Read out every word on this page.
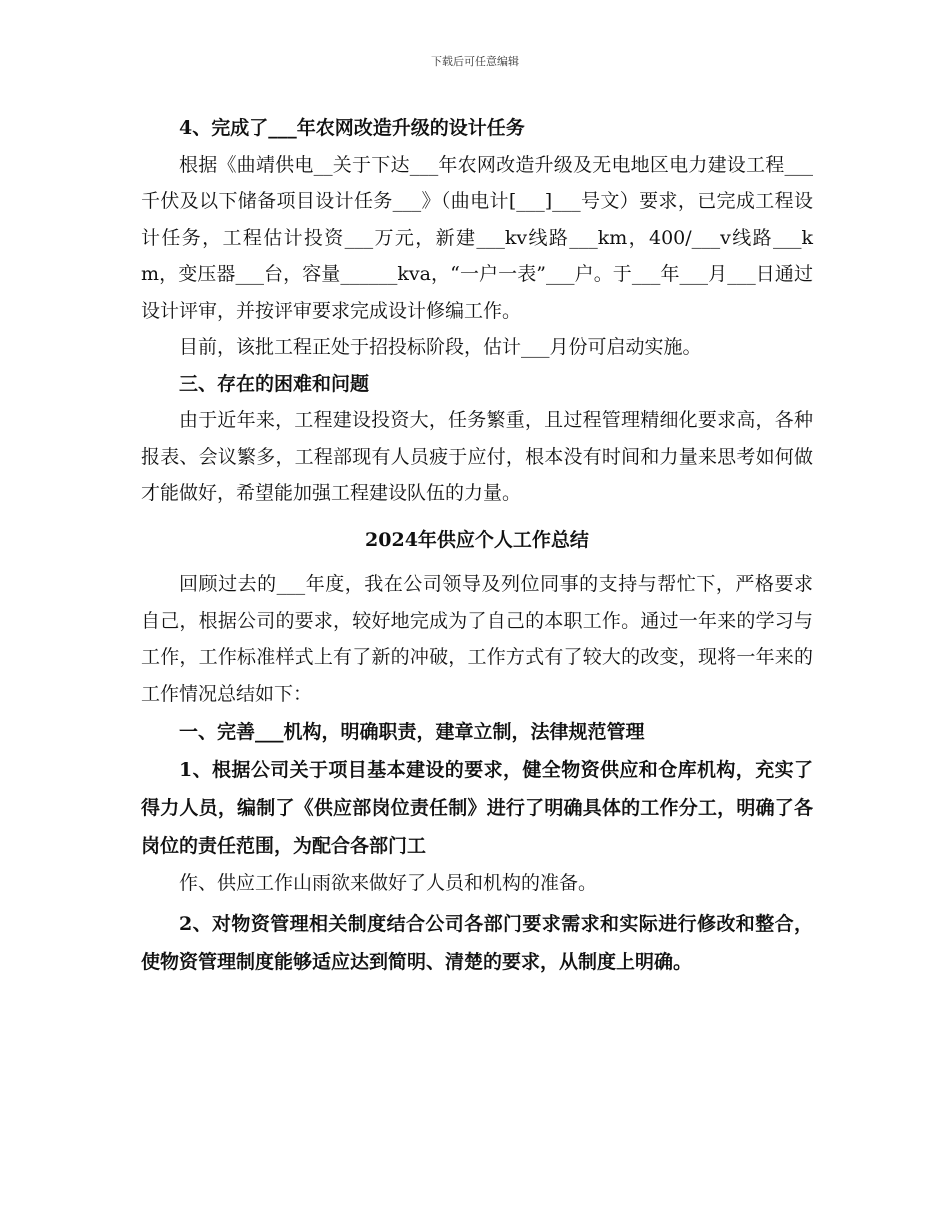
下载后可任意编辑

4、完成了___年农网改造升级的设计任务

根据《曲靖供电__关于下达___年农网改造升级及无电地区电力建设工程___千伏及以下储备项目设计任务___》（曲电计[___]___号文）要求，已完成工程设计任务，工程估计投资___万元，新建___kv线路___km，400/___v线路___km，变压器___台，容量______kva，“一户一表”___户。于___年___月___日通过设计评审，并按评审要求完成设计修编工作。

目前，该批工程正处于招投标阶段，估计___月份可启动实施。

三、存在的困难和问题

由于近年来，工程建设投资大，任务繁重，且过程管理精细化要求高，各种报表、会议繁多，工程部现有人员疲于应付，根本没有时间和力量来思考如何做才能做好，希望能加强工程建设队伍的力量。

2024年供应个人工作总结

回顾过去的___年度，我在公司领导及列位同事的支持与帮忙下，严格要求自己，根据公司的要求，较好地完成为了自己的本职工作。通过一年来的学习与工作，工作标准样式上有了新的冲破，工作方式有了较大的改变，现将一年来的工作情况总结如下：

一、完善___机构，明确职责，建章立制，法律规范管理

1、根据公司关于项目基本建设的要求，健全物资供应和仓库机构，充实了得力人员，编制了《供应部岗位责任制》进行了明确具体的工作分工，明确了各岗位的责任范围，为配合各部门工

作、供应工作山雨欲来做好了人员和机构的准备。

2、对物资管理相关制度结合公司各部门要求需求和实际进行修改和整合，使物资管理制度能够适应达到简明、清楚的要求，从制度上明确。
